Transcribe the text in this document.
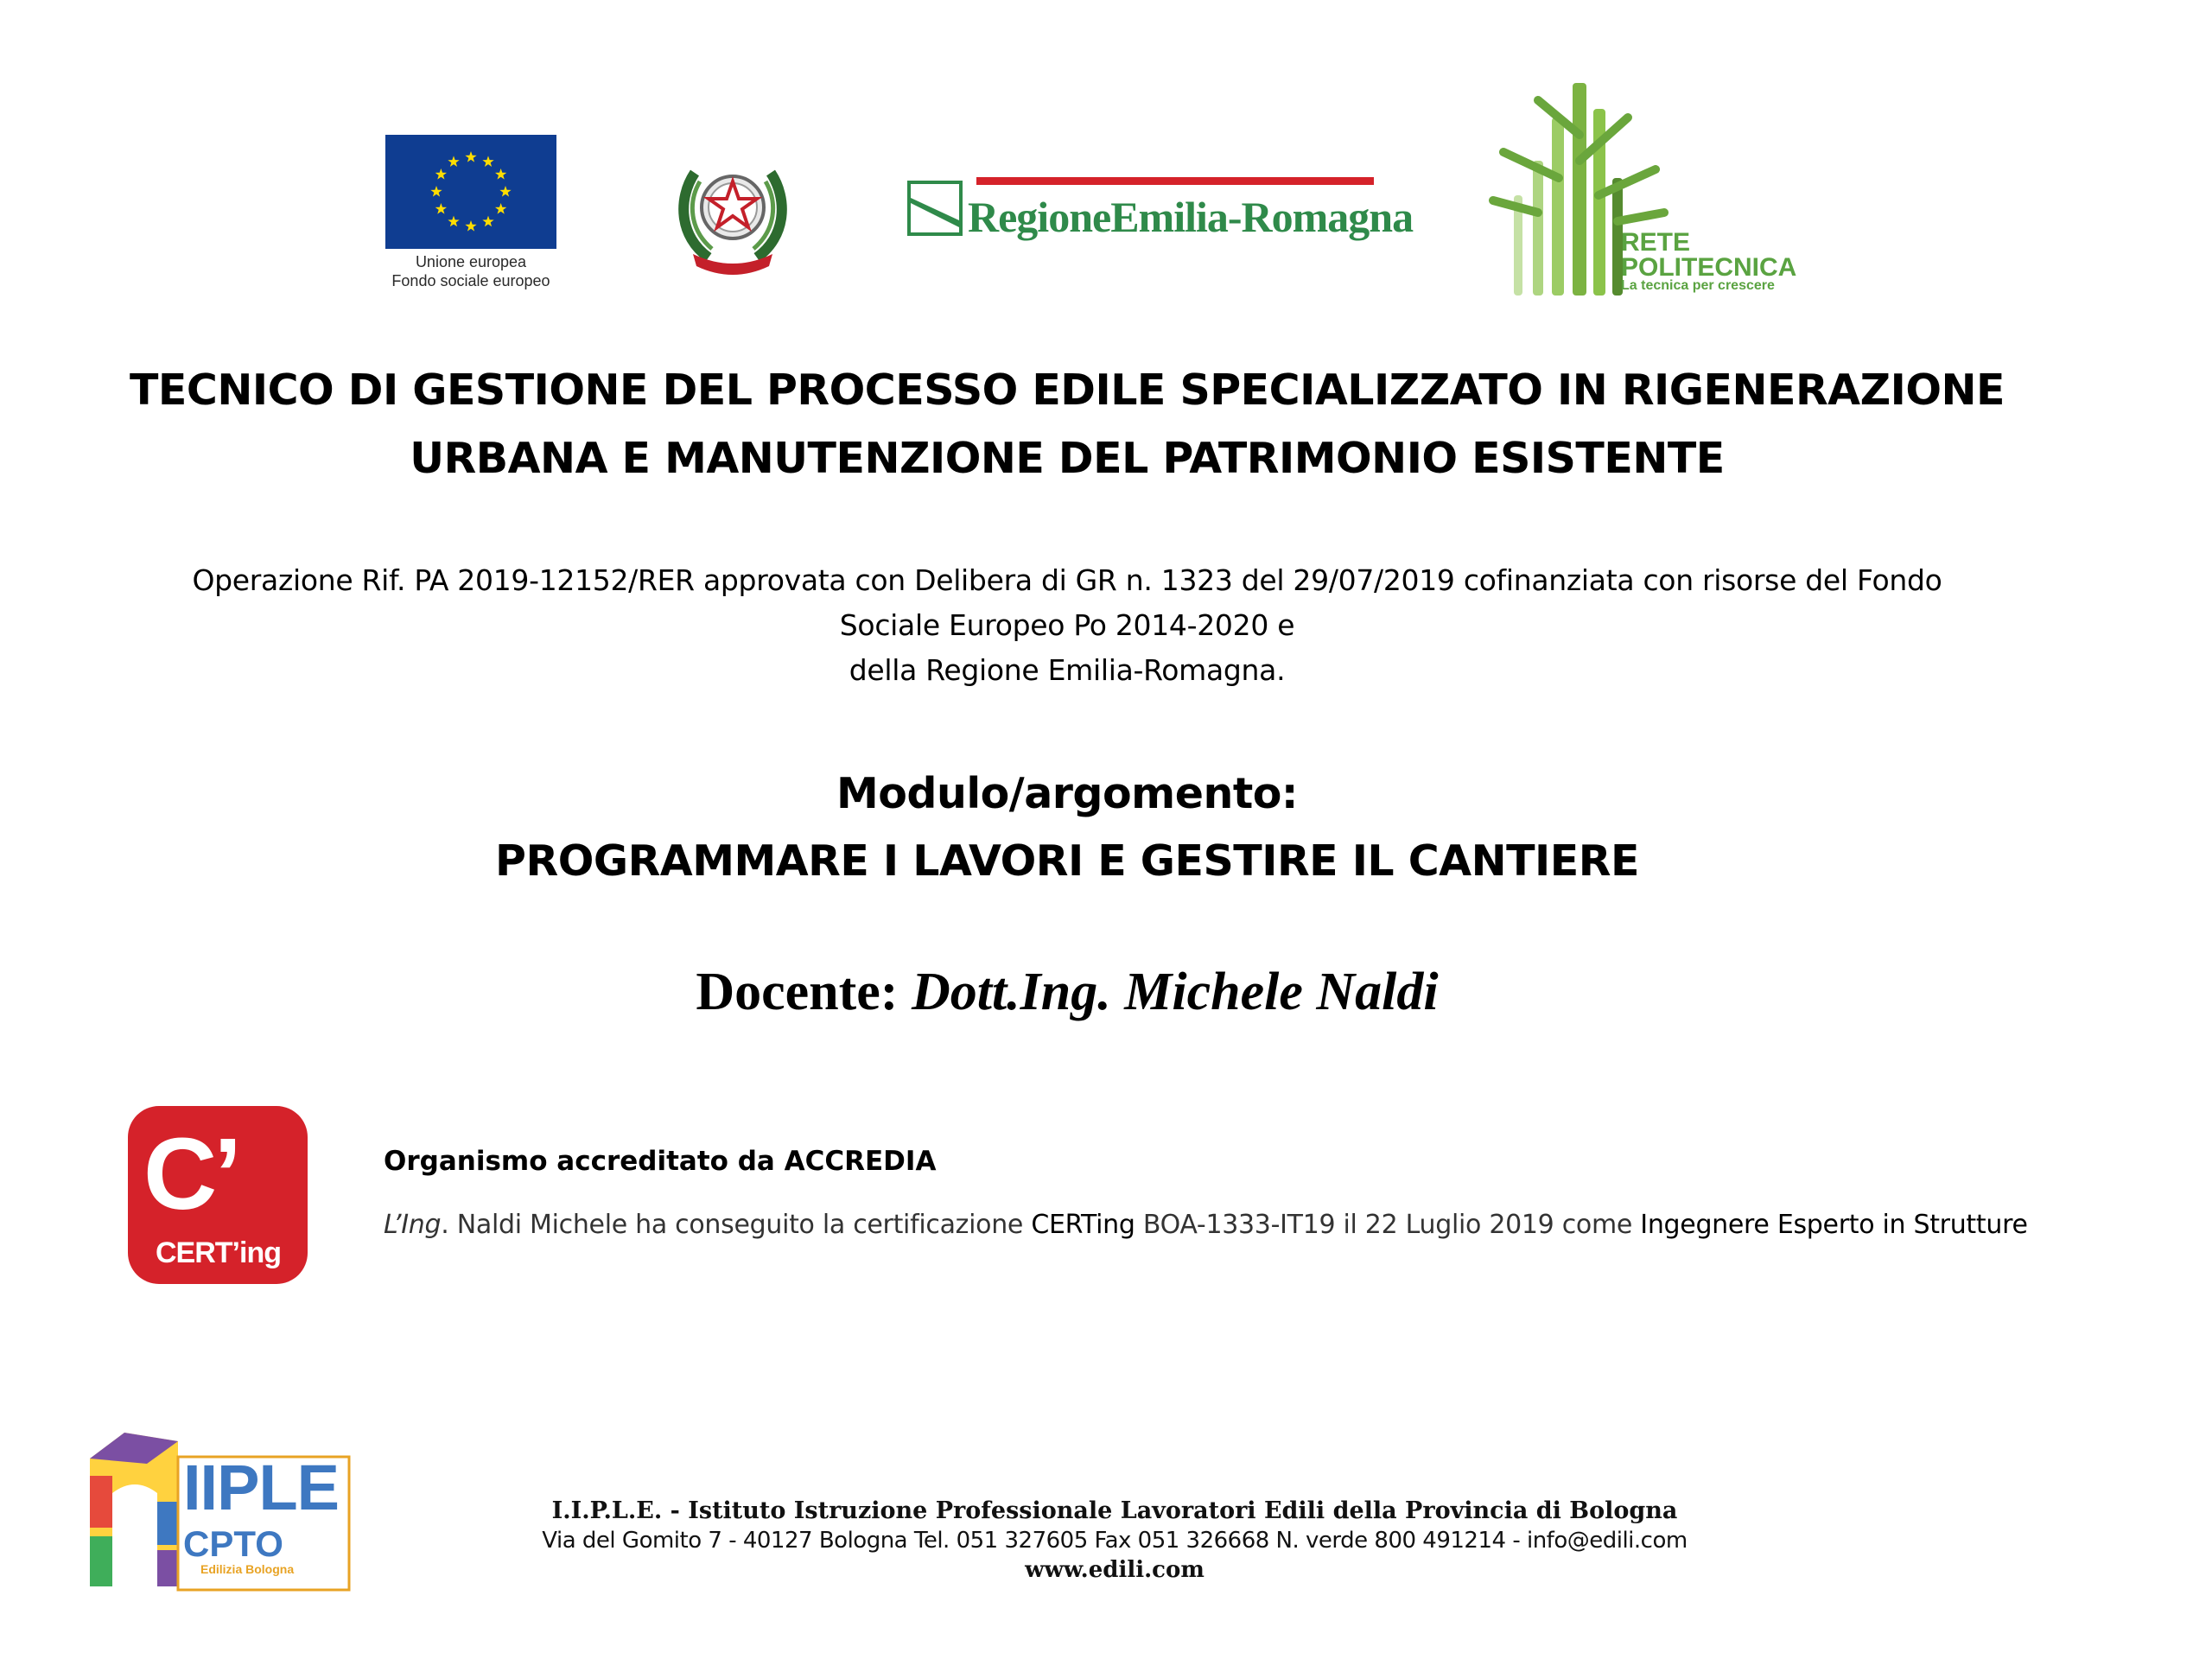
Unione europea
Fondo sociale europeo
RegioneEmilia-Romagna
RETE
POLITECNICA
La tecnica per crescere
TECNICO DI GESTIONE DEL PROCESSO EDILE SPECIALIZZATO IN RIGENERAZIONE
URBANA E MANUTENZIONE DEL PATRIMONIO ESISTENTE
Operazione Rif. PA 2019-12152/RER approvata con Delibera di GR n. 1323 del 29/07/2019 cofinanziata con risorse del Fondo
Sociale Europeo Po 2014-2020 e
della Regione Emilia-Romagna.
Modulo/argomento:
PROGRAMMARE I LAVORI E GESTIRE IL CANTIERE
Docente: Dott.Ing. Michele Naldi
C’
CERT’ing
Organismo accreditato da ACCREDIA
L’Ing. Naldi Michele ha conseguito la certificazione CERTing BOA-1333-IT19 il 22 Luglio 2019 come Ingegnere Esperto in Strutture
IIPLE
CPTO
Edilizia Bologna
I.I.P.L.E. - Istituto Istruzione Professionale Lavoratori Edili della Provincia di Bologna
Via del Gomito 7 - 40127 Bologna Tel. 051 327605 Fax 051 326668 N. verde 800 491214 - info@edili.com
www.edili.com
